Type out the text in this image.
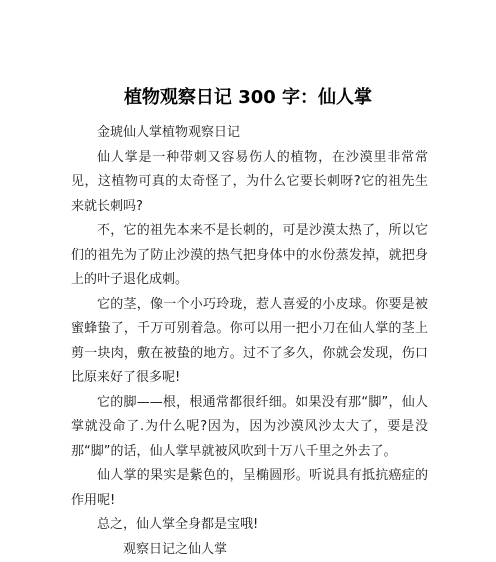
植物观察日记 300 字：仙人掌

金琥仙人掌植物观察日记

仙人掌是一种带刺又容易伤人的植物，在沙漠里非常常见，这植物可真的太奇怪了，为什么它要长刺呀?它的祖先生来就长刺吗?

不，它的祖先本来不是长刺的，可是沙漠太热了，所以它们的祖先为了防止沙漠的热气把身体中的水份蒸发掉，就把身上的叶子退化成刺。

它的茎，像一个小巧玲珑，惹人喜爱的小皮球。你要是被蜜蜂蛰了，千万可别着急。你可以用一把小刀在仙人掌的茎上剪一块肉，敷在被蛰的地方。过不了多久，你就会发现，伤口比原来好了很多呢!

它的脚——根，根通常都很纤细。如果没有那“脚”，仙人掌就没命了.为什么呢?因为，因为沙漠风沙太大了，要是没那“脚”的话，仙人掌早就被风吹到十万八千里之外去了。

仙人掌的果实是紫色的，呈椭圆形。听说具有抵抗癌症的作用呢!

总之，仙人掌全身都是宝哦!

观察日记之仙人掌
